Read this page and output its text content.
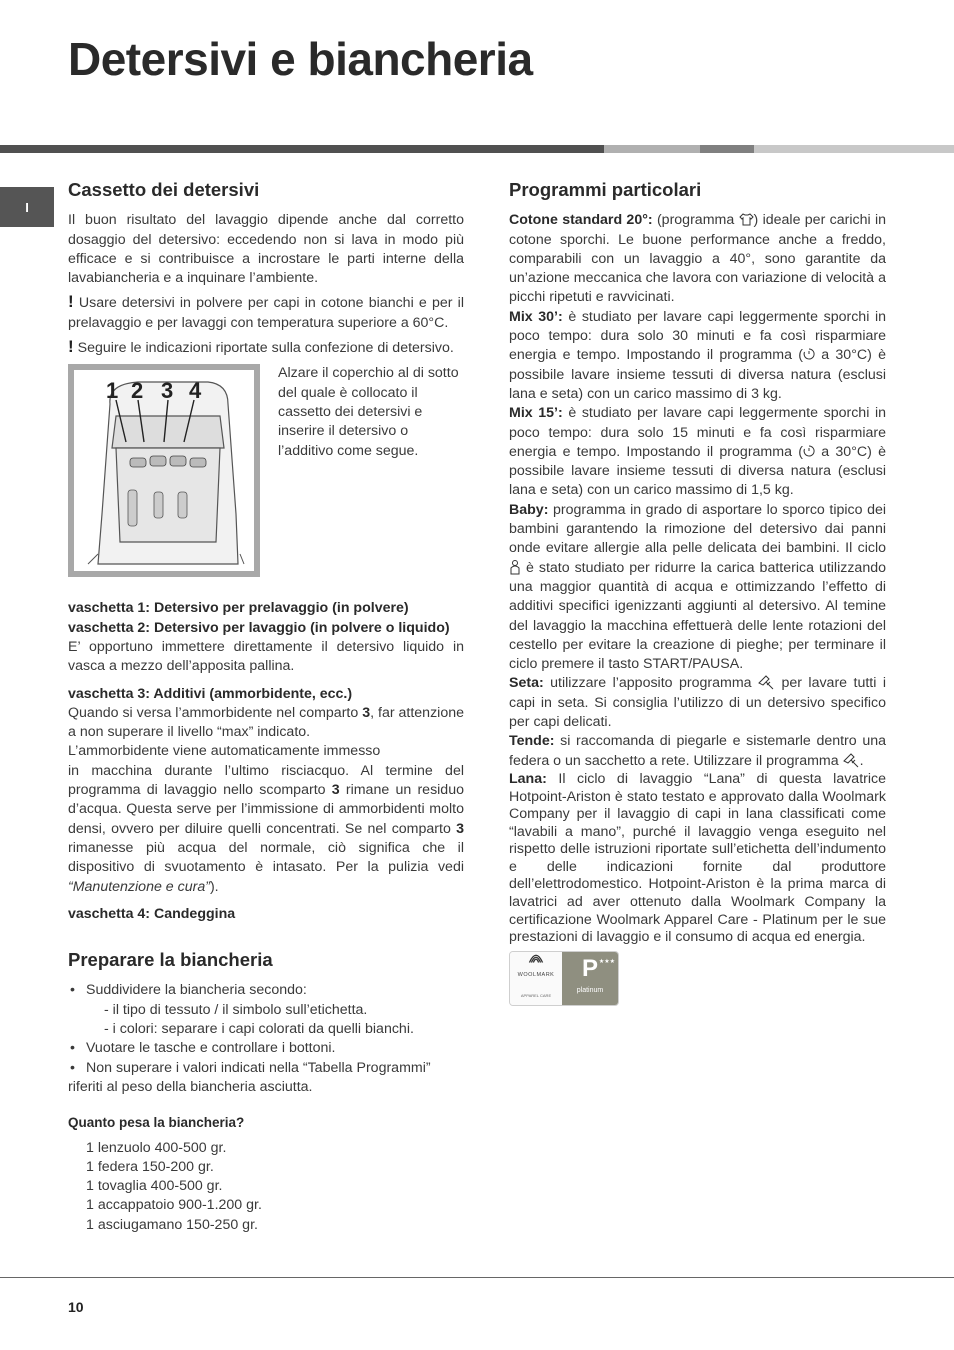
Detersivi e biancheria
I
Cassetto dei detersivi

Il buon risultato del lavaggio dipende anche dal corretto dosaggio del detersivo: eccedendo non si lava in modo più efficace e si contribuisce a incrostare le parti interne della lavabiancheria e a inquinare l’ambiente.

! Usare detersivi in polvere per capi in cotone bianchi e per il prelavaggio e per lavaggi con temperatura superiore a 60°C.

! Seguire le indicazioni riportate sulla confezione di detersivo.

1 2 3 4

Alzare il coperchio al di sotto del quale è collocato il cassetto dei detersivi e inserire il detersivo o l’additivo come segue.

vaschetta 1: Detersivo per prelavaggio (in polvere)

vaschetta 2: Detersivo per lavaggio (in polvere o liquido)

E’ opportuno immettere direttamente il detersivo liquido in vasca a mezzo dell’apposita pallina.

vaschetta 3: Additivi (ammorbidente, ecc.)

Quando si versa l’ammorbidente nel comparto 3, far attenzione a non superare il livello “max” indicato.

L’ammorbidente viene automaticamente immesso

in macchina durante l’ultimo risciacquo. Al termine del programma di lavaggio nello scomparto 3 rimane un residuo d’acqua. Questa serve per l’immissione di ammorbidenti molto densi, ovvero per diluire quelli concentrati. Se nel comparto 3 rimanesse più acqua del normale, ciò significa che il dispositivo di svuotamento è intasato. Per la pulizia vedi “Manutenzione e cura”).

vaschetta 4: Candeggina

Preparare la biancheria
• Suddividere la biancheria secondo:
- il tipo di tessuto / il simbolo sull’etichetta.
- i colori: separare i capi colorati da quelli bianchi.
• Vuotare le tasche e controllare i bottoni.
• Non superare i valori indicati nella “Tabella Programmi”

riferiti al peso della biancheria asciutta.

Quanto pesa la biancheria?

1 lenzuolo 400-500 gr.
1 federa 150-200 gr.
1 tovaglia 400-500 gr.
1 accappatoio 900-1.200 gr.
1 asciugamano 150-250 gr.
Programmi particolari

Cotone standard 20°: (programma ) ideale per carichi in cotone sporchi. Le buone performance anche a freddo, comparabili con un lavaggio a 40°, sono garantite da un’azione meccanica che lavora con variazione di velocità a picchi ripetuti e ravvicinati.

Mix 30’: è studiato per lavare capi leggermente sporchi in poco tempo: dura solo 30 minuti e fa così risparmiare energia e tempo. Impostando il programma ( a 30°C) è possibile lavare insieme tessuti di diversa natura (esclusi lana e seta) con un carico massimo di 3 kg.

Mix 15’: è studiato per lavare capi leggermente sporchi in poco tempo: dura solo 15 minuti e fa così risparmiare energia e tempo. Impostando il programma ( a 30°C) è possibile lavare insieme tessuti di diversa natura (esclusi lana e seta) con un carico massimo di 1,5 kg.

Baby: programma in grado di asportare lo sporco tipico dei bambini garantendo la rimozione del detersivo dai panni onde evitare allergie alla pelle delicata dei bambini. Il ciclo  è stato studiato per ridurre la carica batterica utilizzando una maggior quantità di acqua e ottimizzando l’effetto di additivi specifici igenizzanti aggiunti al detersivo. Al temine del lavaggio la macchina effettuerà delle lente rotazioni del cestello per evitare la creazione di pieghe; per terminare il ciclo premere il tasto START/PAUSA.

Seta: utilizzare l’apposito programma  per lavare tutti i capi in seta. Si consiglia l’utilizzo di un detersivo specifico per capi delicati.

Tende: si raccomanda di piegarle e sistemarle dentro una federa o un sacchetto a rete. Utilizzare il programma .

Lana: Il ciclo di lavaggio “Lana” di questa lavatrice Hotpoint-Ariston è stato testato e approvato dalla Woolmark Company per il lavaggio di capi in lana classificati come “lavabili a mano”, purché il lavaggio venga eseguito nel rispetto delle istruzioni riportate sull’etichetta dell’indumento e delle indicazioni fornite dal produttore dell’elettrodomestico. Hotpoint-Ariston è la prima marca di lavatrici ad aver ottenuto dalla Woolmark Company la certificazione Woolmark Apparel Care - Platinum per le sue prestazioni di lavaggio e il consumo di acqua ed energia.

WOOLMARK
APPAREL CARE
★★★
P
platinum
10
